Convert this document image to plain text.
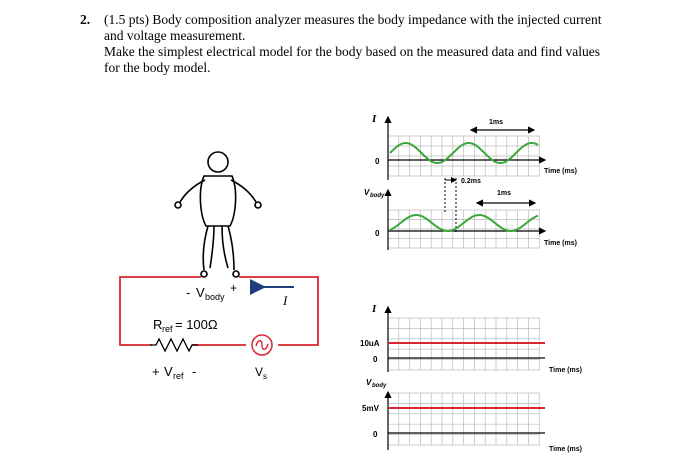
2. (1.5 pts) Body composition analyzer measures the body impedance with the injected current
and voltage measurement.
Make the simplest electrical model for the body based on the measured data and find values
for the body model.
I
- V body
+
R ref = 100Ω
+ V ref -	V s
I
0
1ms
Time (ms)
V body
0
0.2ms
1ms
Time (ms)
I
10uA
0
Time (ms)
V body
5mV
0
Time (ms)
